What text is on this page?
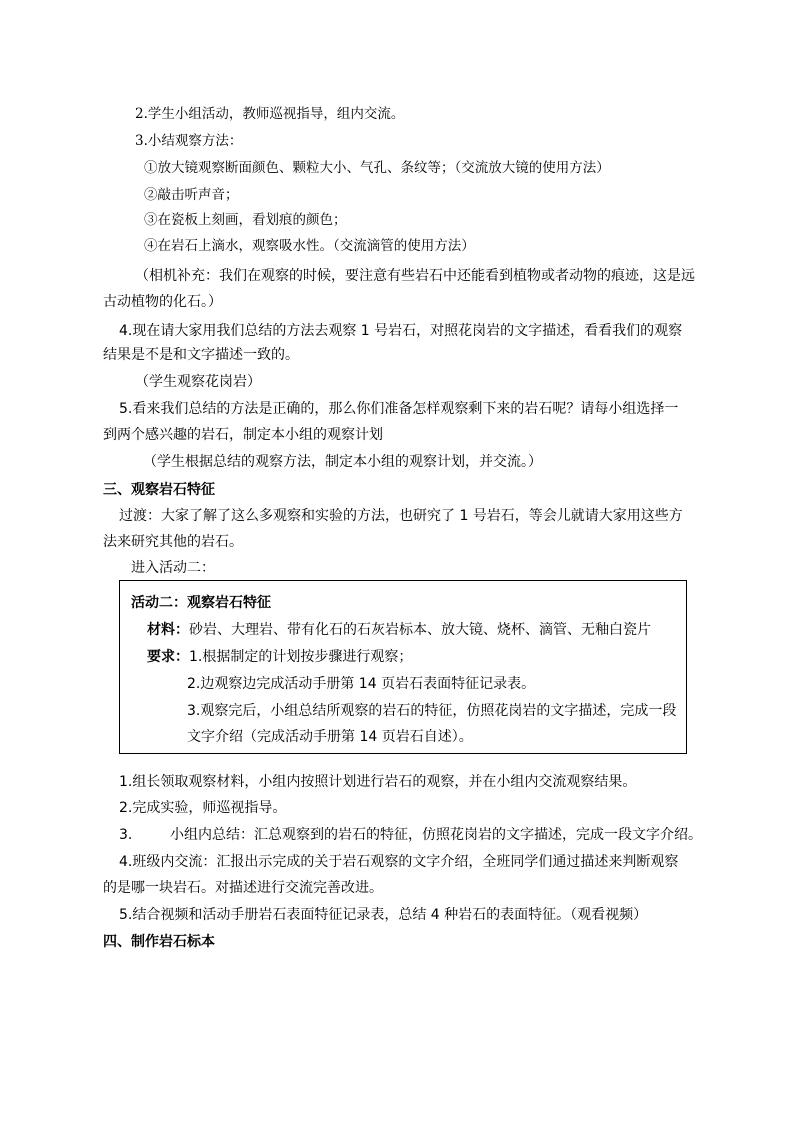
2.学生小组活动，教师巡视指导，组内交流。
3.小结观察方法：
①放大镜观察断面颜色、颗粒大小、气孔、条纹等；（交流放大镜的使用方法）
②敲击听声音；
③在瓷板上刻画，看划痕的颜色；
④在岩石上滴水，观察吸水性。（交流滴管的使用方法）
（相机补充：我们在观察的时候，要注意有些岩石中还能看到植物或者动物的痕迹，这是远
古动植物的化石。）
4.现在请大家用我们总结的方法去观察 1 号岩石，对照花岗岩的文字描述，看看我们的观察
结果是不是和文字描述一致的。
（学生观察花岗岩）
5.看来我们总结的方法是正确的，那么你们准备怎样观察剩下来的岩石呢？请每小组选择一
到两个感兴趣的岩石，制定本小组的观察计划
（学生根据总结的观察方法，制定本小组的观察计划，并交流。）
三、观察岩石特征
过渡：大家了解了这么多观察和实验的方法，也研究了 1 号岩石，等会儿就请大家用这些方
法来研究其他的岩石。
进入活动二：
活动二：观察岩石特征
材料：砂岩、大理岩、带有化石的石灰岩标本、放大镜、烧杯、滴管、无釉白瓷片
要求：1.根据制定的计划按步骤进行观察；
2.边观察边完成活动手册第 14 页岩石表面特征记录表。
3.观察完后，小组总结所观察的岩石的特征，仿照花岗岩的文字描述，完成一段
文字介绍（完成活动手册第 14 页岩石自述）。
1.组长领取观察材料，小组内按照计划进行岩石的观察，并在小组内交流观察结果。
2.完成实验，师巡视指导。
3.	小组内总结：汇总观察到的岩石的特征，仿照花岗岩的文字描述，完成一段文字介绍。
4.班级内交流：汇报出示完成的关于岩石观察的文字介绍，全班同学们通过描述来判断观察
的是哪一块岩石。对描述进行交流完善改进。
5.结合视频和活动手册岩石表面特征记录表，总结 4 种岩石的表面特征。（观看视频）
四、制作岩石标本
